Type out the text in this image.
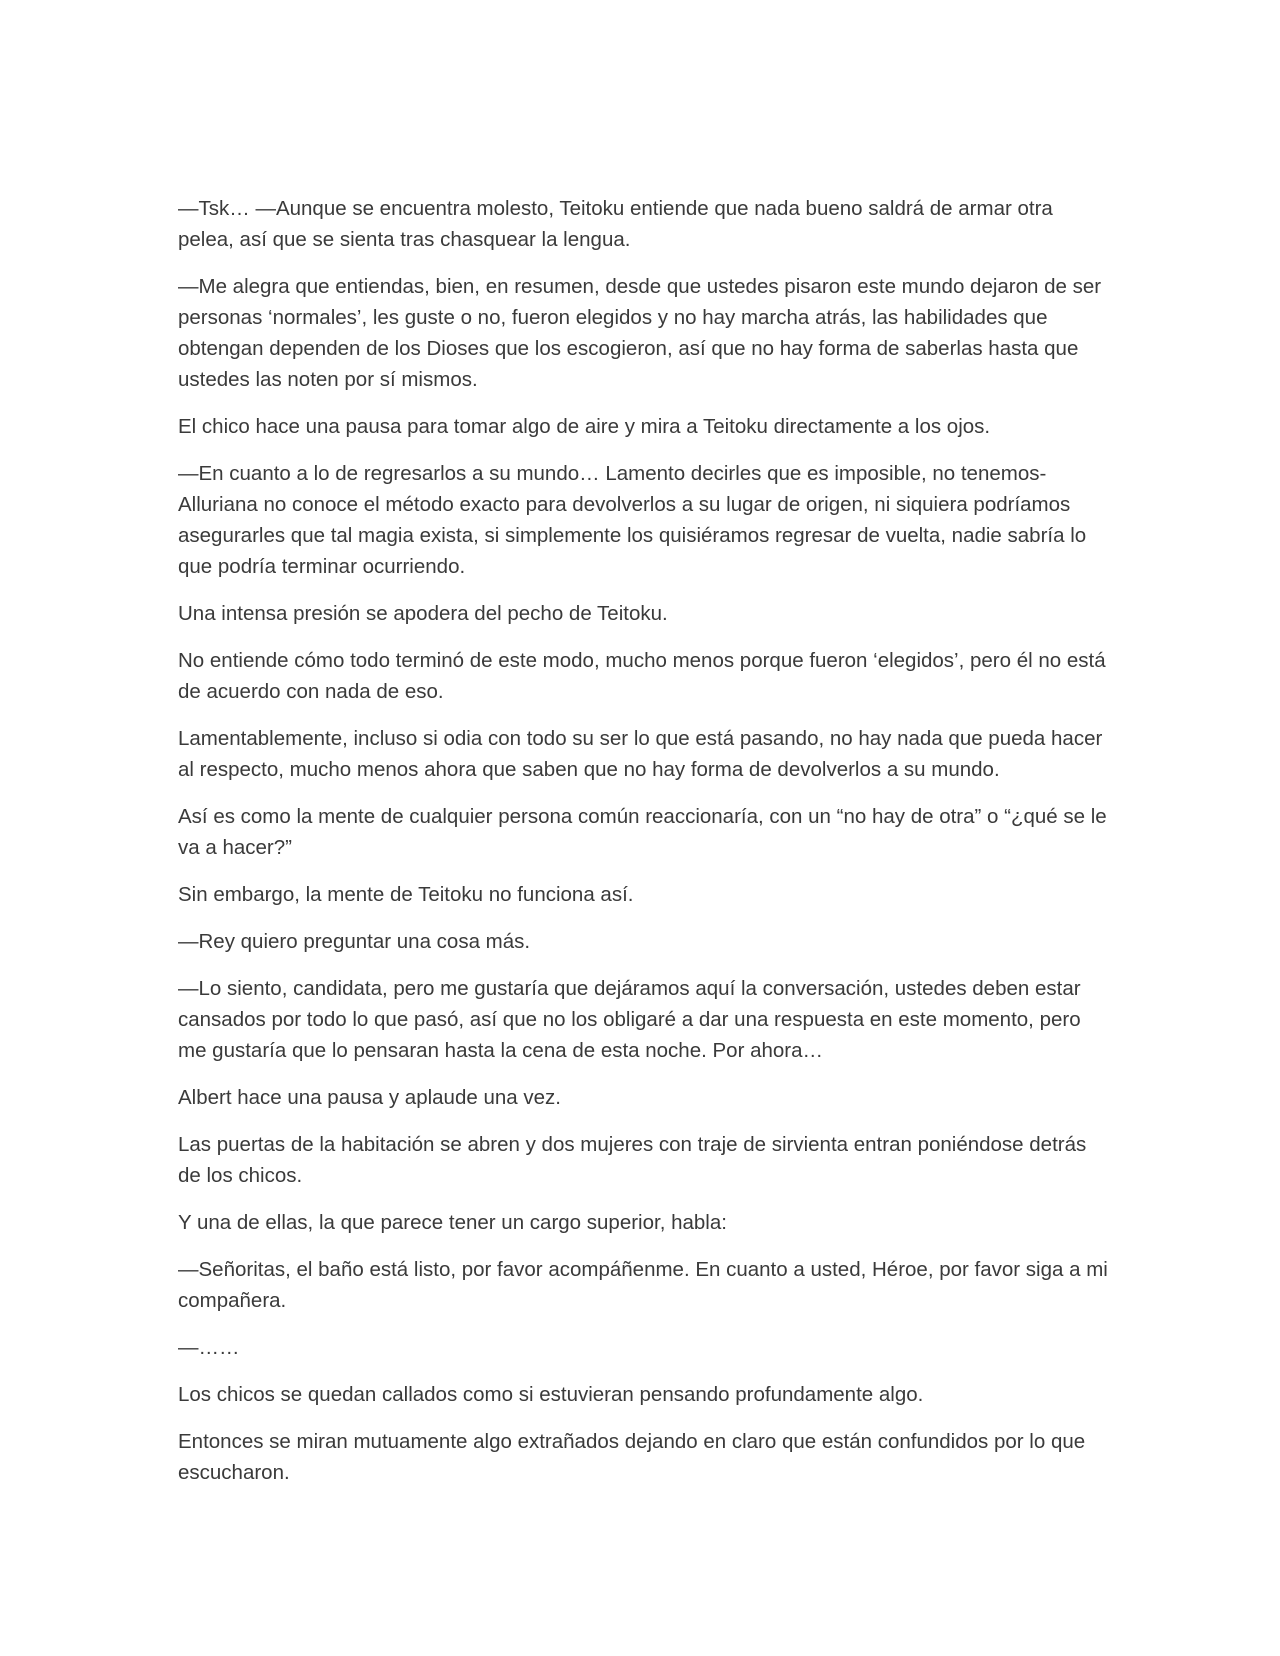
—Tsk… —Aunque se encuentra molesto, Teitoku entiende que nada bueno saldrá de armar otra pelea, así que se sienta tras chasquear la lengua.

—Me alegra que entiendas, bien, en resumen, desde que ustedes pisaron este mundo dejaron de ser personas ‘normales’, les guste o no, fueron elegidos y no hay marcha atrás, las habilidades que obtengan dependen de los Dioses que los escogieron, así que no hay forma de saberlas hasta que ustedes las noten por sí mismos.

El chico hace una pausa para tomar algo de aire y mira a Teitoku directamente a los ojos.

—En cuanto a lo de regresarlos a su mundo… Lamento decirles que es imposible, no tenemos- Alluriana no conoce el método exacto para devolverlos a su lugar de origen, ni siquiera podríamos asegurarles que tal magia exista, si simplemente los quisiéramos regresar de vuelta, nadie sabría lo que podría terminar ocurriendo.

Una intensa presión se apodera del pecho de Teitoku.

No entiende cómo todo terminó de este modo, mucho menos porque fueron ‘elegidos’, pero él no está de acuerdo con nada de eso.

Lamentablemente, incluso si odia con todo su ser lo que está pasando, no hay nada que pueda hacer al respecto, mucho menos ahora que saben que no hay forma de devolverlos a su mundo.

Así es como la mente de cualquier persona común reaccionaría, con un “no hay de otra” o “¿qué se le va a hacer?”

Sin embargo, la mente de Teitoku no funciona así.

—Rey quiero preguntar una cosa más.

—Lo siento, candidata, pero me gustaría que dejáramos aquí la conversación, ustedes deben estar cansados por todo lo que pasó, así que no los obligaré a dar una respuesta en este momento, pero me gustaría que lo pensaran hasta la cena de esta noche. Por ahora…

Albert hace una pausa y aplaude una vez.

Las puertas de la habitación se abren y dos mujeres con traje de sirvienta entran poniéndose detrás de los chicos.

Y una de ellas, la que parece tener un cargo superior, habla:

—Señoritas, el baño está listo, por favor acompáñenme. En cuanto a usted, Héroe, por favor siga a mi compañera.

—……

Los chicos se quedan callados como si estuvieran pensando profundamente algo.

Entonces se miran mutuamente algo extrañados dejando en claro que están confundidos por lo que escucharon.
